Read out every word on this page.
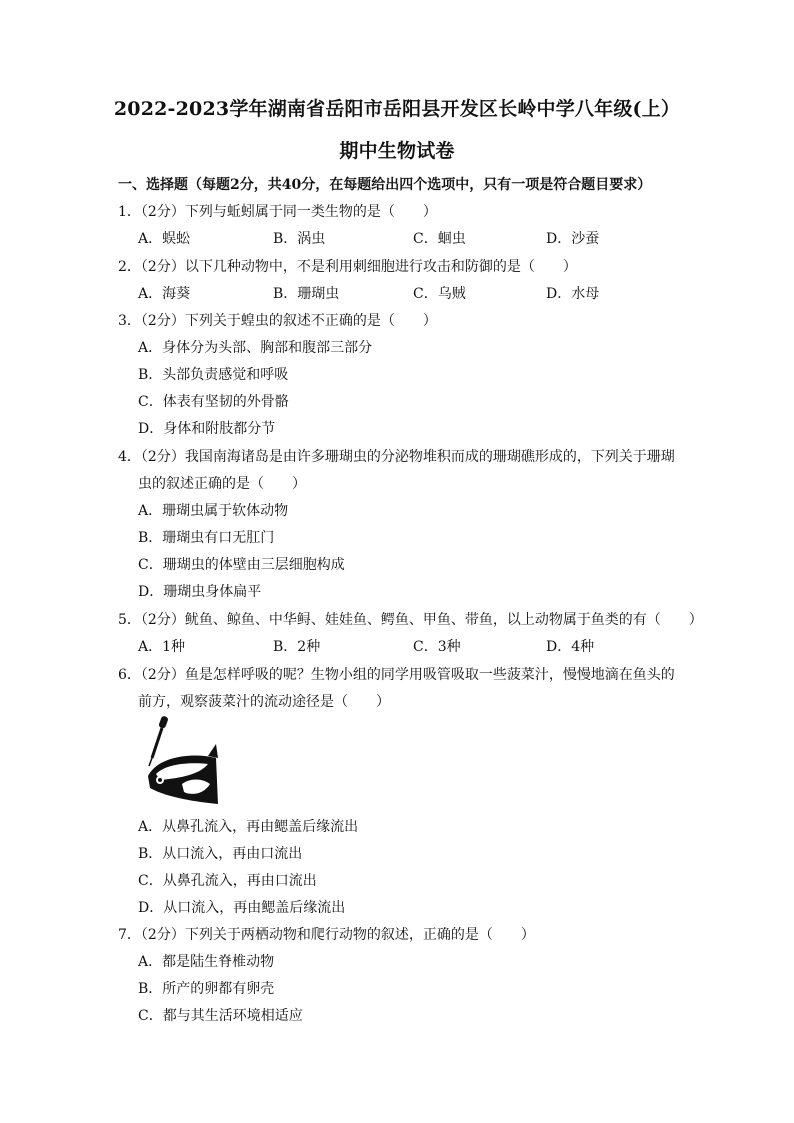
2022-2023学年湖南省岳阳市岳阳县开发区长岭中学八年级(上）
期中生物试卷
一、选择题（每题2分，共40分，在每题给出四个选项中，只有一项是符合题目要求）
1．（2分）下列与蚯蚓属于同一类生物的是（　　）
A．蜈蚣	B．涡虫	C．蛔虫	D．沙蚕
2．（2分）以下几种动物中，不是利用刺细胞进行攻击和防御的是（　　）
A．海葵	B．珊瑚虫	C．乌贼	D．水母
3．（2分）下列关于蝗虫的叙述不正确的是（　　）
A．身体分为头部、胸部和腹部三部分
B．头部负责感觉和呼吸
C．体表有坚韧的外骨骼
D．身体和附肢都分节
4．（2分）我国南海诸岛是由许多珊瑚虫的分泌物堆积而成的珊瑚礁形成的，下列关于珊瑚
虫的叙述正确的是（　　）
A．珊瑚虫属于软体动物
B．珊瑚虫有口无肛门
C．珊瑚虫的体壁由三层细胞构成
D．珊瑚虫身体扁平
5．（2分）鱿鱼、鲸鱼、中华鲟、娃娃鱼、鳄鱼、甲鱼、带鱼，以上动物属于鱼类的有（　　）
A．1种	B．2种	C．3种	D．4种
6．（2分）鱼是怎样呼吸的呢？生物小组的同学用吸管吸取一些菠菜汁，慢慢地滴在鱼头的
前方，观察菠菜汁的流动途径是（　　）
A．从鼻孔流入，再由鳃盖后缘流出
B．从口流入，再由口流出
C．从鼻孔流入，再由口流出
D．从口流入，再由鳃盖后缘流出
7．（2分）下列关于两栖动物和爬行动物的叙述，正确的是（　　）
A．都是陆生脊椎动物
B．所产的卵都有卵壳
C．都与其生活环境相适应
